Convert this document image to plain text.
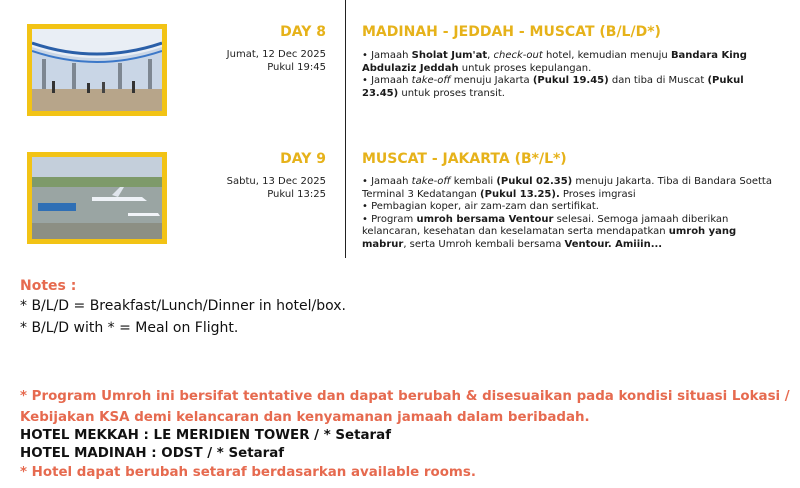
DAY 8
Jumat, 12 Dec 2025
Pukul 19:45
MADINAH - JEDDAH - MUSCAT (B/L/D*)

• Jamaah Sholat Jum'at, check-out hotel, kemudian menuju Bandara King Abdulaziz Jeddah untuk proses kepulangan.

• Jamaah take-off menuju Jakarta (Pukul 19.45) dan tiba di Muscat (Pukul 23.45) untuk proses transit.

DAY 9
Sabtu, 13 Dec 2025
Pukul 13:25
MUSCAT - JAKARTA (B*/L*)

• Jamaah take-off kembali (Pukul 02.35) menuju Jakarta. Tiba di Bandara Soetta Terminal 3 Kedatangan (Pukul 13.25). Proses imgrasi

• Pembagian koper, air zam-zam dan sertifikat.

• Program umroh bersama Ventour selesai. Semoga jamaah diberikan kelancaran, kesehatan dan keselamatan serta mendapatkan umroh yang mabrur, serta Umroh kembali bersama Ventour. Amiiin...

Notes :
* B/L/D = Breakfast/Lunch/Dinner in hotel/box.
* B/L/D with * = Meal on Flight.
* Program Umroh ini bersifat tentative dan dapat berubah & disesuaikan pada kondisi situasi Lokasi / Kebijakan KSA demi kelancaran dan kenyamanan jamaah dalam beribadah.
HOTEL MEKKAH : LE MERIDIEN TOWER / * Setaraf
HOTEL MADINAH : ODST / * Setaraf
* Hotel dapat berubah setaraf berdasarkan available rooms.
